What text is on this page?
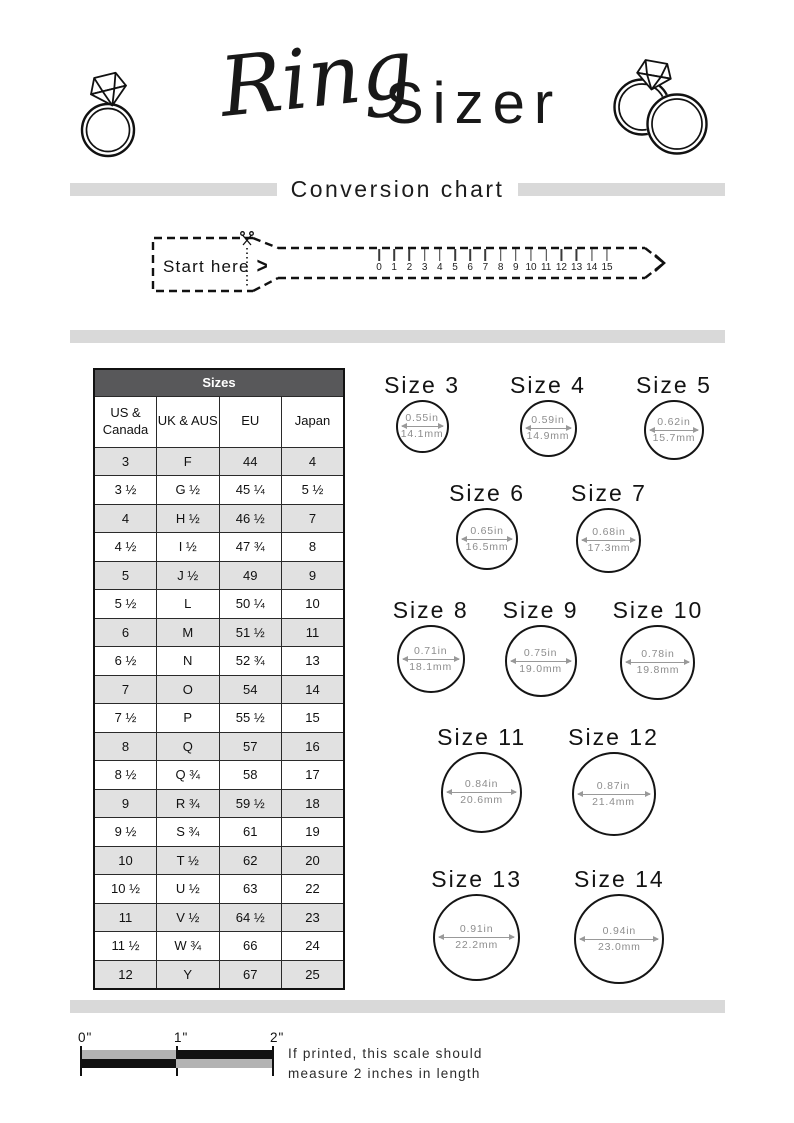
Ring
Sizer
Conversion chart
Start here >	0 1 2 3 4 5 6 7 8 9 10 11 12 13 14 15
Sizes			
US & Canada	UK & AUS	EU	Japan
3	F	44	4
3 ½	G ½	45 ¼	5 ½
4	H ½	46 ½	7
4 ½	I ½	47 ¾	8
5	J ½	49	9
5 ½	L	50 ¼	10
6	M	51 ½	11
6 ½	N	52 ¾	13
7	O	54	14
7 ½	P	55 ½	15
8	Q	57	16
8 ½	Q ¾	58	17
9	R ¾	59 ½	18
9 ½	S ¾	61	19
10	T ½	62	20
10 ½	U ½	63	22
11	V ½	64 ½	23
11 ½	W ¾	66	24
12	Y	67	25
Size 3
0.55in
14.1mm
Size 4
0.59in
14.9mm
Size 5
0.62in
15.7mm
Size 6
0.65in
16.5mm
Size 7
0.68in
17.3mm
Size 8
0.71in
18.1mm
Size 9
0.75in
19.0mm
Size 10
0.78in
19.8mm
Size 11
0.84in
20.6mm
Size 12
0.87in
21.4mm
Size 13
0.91in
22.2mm
Size 14
0.94in
23.0mm
0"	1"	2"
If printed, this scale should
measure 2 inches in length
